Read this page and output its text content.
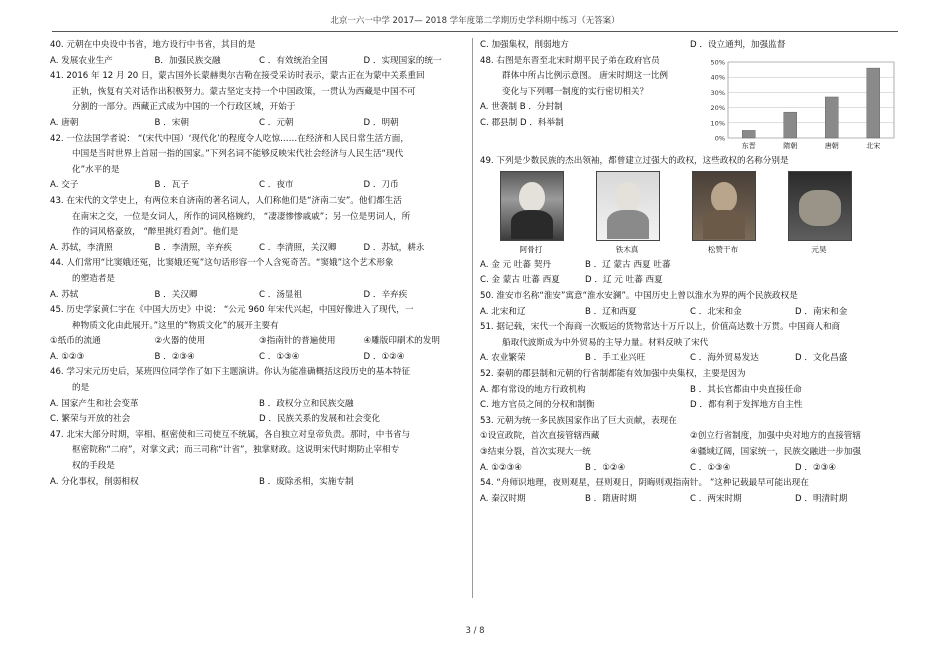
北京一六一中学 2017— 2018 学年度第二学期历史学科期中练习（无答案）
40. 元朝在中央设中书省，地方设行中书省，其目的是
A. 发展农业生产	B．加强民族交融	C ．有效统治全国	D ．实现国家的统一
41. 2016 年 12 月 20 日，蒙古国外长蒙赫奥尔吉勒在接受采访时表示，蒙古正在为蒙中关系重回
正轨，恢复有关对话作出积极努力。蒙古坚定支持一个中国政策，一贯认为西藏是中国不可
分割的一部分。西藏正式成为中国的一个行政区域，开始于
A. 唐朝	B ．宋朝	C ．元朝	D ．明朝
42. 一位法国学者说： “(宋代中国）‘现代化’的程度令人吃惊……在经济和人民日常生活方面，
中国是当时世界上首屈一指的国家。”下列名词不能够反映宋代社会经济与人民生活“现代
化”水平的是
A. 交子	B ．瓦子	C ．夜市	D ．刀币
43. 在宋代的文学史上，有两位来自济南的著名词人，人们称他们是“济南二安”。他们都生活
在南宋之交，一位是女词人，所作的词风格婉约， “凄凄惨惨戚戚”；另一位是男词人，所
作的词风格豪放， “醉里挑灯看剑”。他们是
A. 苏轼，李清照	B ．李清照，辛弃疾	C ．李清照，关汉卿	D ．苏轼，耕永
44. 人们常用“比窦娥还冤，比窦娥还冤”这句话形容一个人含冤奇苦。“窦娥”这个艺术形象
的塑造者是
A. 苏轼	B ．关汉卿	C ．汤显祖	D ．辛弃疾
45. 历史学家黄仁宇在《中国大历史》中说： “公元 960 年宋代兴起，中国好像进入了现代，一
种物质文化由此展开。”这里的“物质文化”的展开主要有
①纸币的流通	②火器的使用	③指南针的普遍使用	④雕版印刷术的发明
A. ①②③	B ．②③④	C ．①③④	D ．①②④
46. 学习宋元历史后，某班四位同学作了如下主题演讲。你认为能准确概括这段历史的基本特征
的是
A. 国家产生和社会变革	B ．政权分立和民族交融
C. 繁荣与开放的社会	D ．民族关系的发展和社会变化
47. 北宋大部分时期，宰相、枢密使和三司使互不统属，各自独立对皇帝负责。那时，中书省与
枢密院称“二府”，对掌文武；而三司称“计省”，独掌财政。这说明宋代时期防止宰相专
权的手段是
A. 分化事权，削弱相权	B ．废除丞相，实施专制
C. 加强集权，削弱地方	D ．设立通判，加强监督
48. 右图是东晋至北宋时期平民子弟在政府官员
群体中所占比例示意图。 唐宋时期这一比例
变化与下列哪一制度的实行密切相关？
A. 世袭制 B ．分封制
C. 郡县制 D ．科举制
0%
10%
20%
30%
40%
50%
东晋	隋朝	唐朝	北宋
49. 下列是少数民族的杰出领袖，都曾建立过强大的政权，这些政权的名称分别是
阿骨打	铁木真	松赞干布	元昊
A. 金 元 吐蕃 契丹	B ．辽 蒙古 西夏 吐蕃
C. 金 蒙古 吐蕃 西夏	D ．辽 元 吐蕃 西夏
50. 淮安市名称“淮安”寓意“淮水安澜”。中国历史上曾以淮水为界的两个民族政权是
A. 北宋和辽	B ．辽和西夏	C ．北宋和金	D ．南宋和金
51. 据记载，宋代一个海商一次贩运的货物常达十万斤以上，价值高达数十万贯。中国商人和商
船取代波斯成为中外贸易的主导力量。材料反映了宋代
A. 农业繁荣	B ．手工业兴旺	C ．海外贸易发达	D ．文化昌盛
52. 秦朝的郡县制和元朝的行省制都能有效加强中央集权，主要是因为
A. 都有常设的地方行政机构	B ．其长官都由中央直接任命
C. 地方官员之间的分权和制衡	D ．都有利于发挥地方自主性
53. 元朝为统一多民族国家作出了巨大贡献，表现在
①设宣政院，首次直接管辖西藏	②创立行省制度，加强中央对地方的直接管辖
③结束分裂，首次实现大一统	④疆域辽阔，国家统一，民族交融进一步加强
A. ①②③④	B ．①②④	C ．①③④	D ．②③④
54. “舟师识地理，夜则观星，昼则观日，阴晦则观指南针。 ”这种记载最早可能出现在
A. 秦汉时期	B ．隋唐时期	C ．两宋时期	D ．明清时期
3 / 8
